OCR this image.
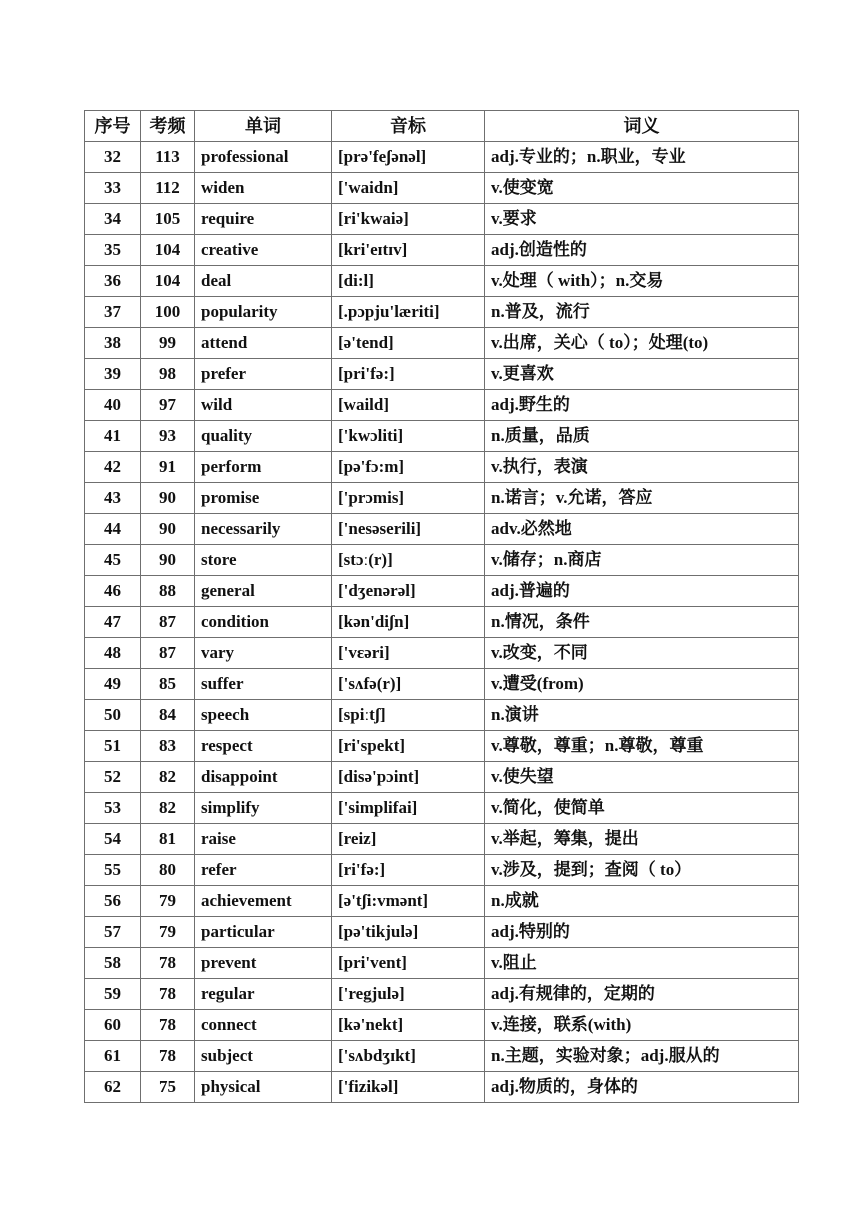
序号	考频	单词	音标	词义
32	113	professional	[prə'feʃənəl]	adj.专业的；n.职业，专业
33	112	widen	['waidn]	v.使变宽
34	105	require	[ri'kwaiə]	v.要求
35	104	creative	[kri'eɪtɪv]	adj.创造性的
36	104	deal	[di:l]	v.处理（ with）；n.交易
37	100	popularity	[.pɔpju'læriti]	n.普及，流行
38	99	attend	[ə'tend]	v.出席，关心（ to）；处理(to)
39	98	prefer	[pri'fə:]	v.更喜欢
40	97	wild	[waild]	adj.野生的
41	93	quality	['kwɔliti]	n.质量，品质
42	91	perform	[pə'fɔ:m]	v.执行，表演
43	90	promise	['prɔmis]	n.诺言；v.允诺，答应
44	90	necessarily	['nesəserili]	adv.必然地
45	90	store	[stɔː(r)]	v.储存；n.商店
46	88	general	['dʒenərəl]	adj.普遍的
47	87	condition	[kən'diʃn]	n.情况，条件
48	87	vary	['vɛəri]	v.改变，不同
49	85	suffer	['sʌfə(r)]	v.遭受(from)
50	84	speech	[spiːtʃ]	n.演讲
51	83	respect	[ri'spekt]	v.尊敬，尊重；n.尊敬，尊重
52	82	disappoint	[disə'pɔint]	v.使失望
53	82	simplify	['simplifai]	v.简化，使简单
54	81	raise	[reiz]	v.举起，筹集，提出
55	80	refer	[ri'fə:]	v.涉及，提到；查阅（ to）
56	79	achievement	[ə'tʃi:vmənt]	n.成就
57	79	particular	[pə'tikjulə]	adj.特别的
58	78	prevent	[pri'vent]	v.阻止
59	78	regular	['regjulə]	adj.有规律的，定期的
60	78	connect	[kə'nekt]	v.连接，联系(with)
61	78	subject	['sʌbdʒɪkt]	n.主题，实验对象；adj.服从的
62	75	physical	['fizikəl]	adj.物质的，身体的
